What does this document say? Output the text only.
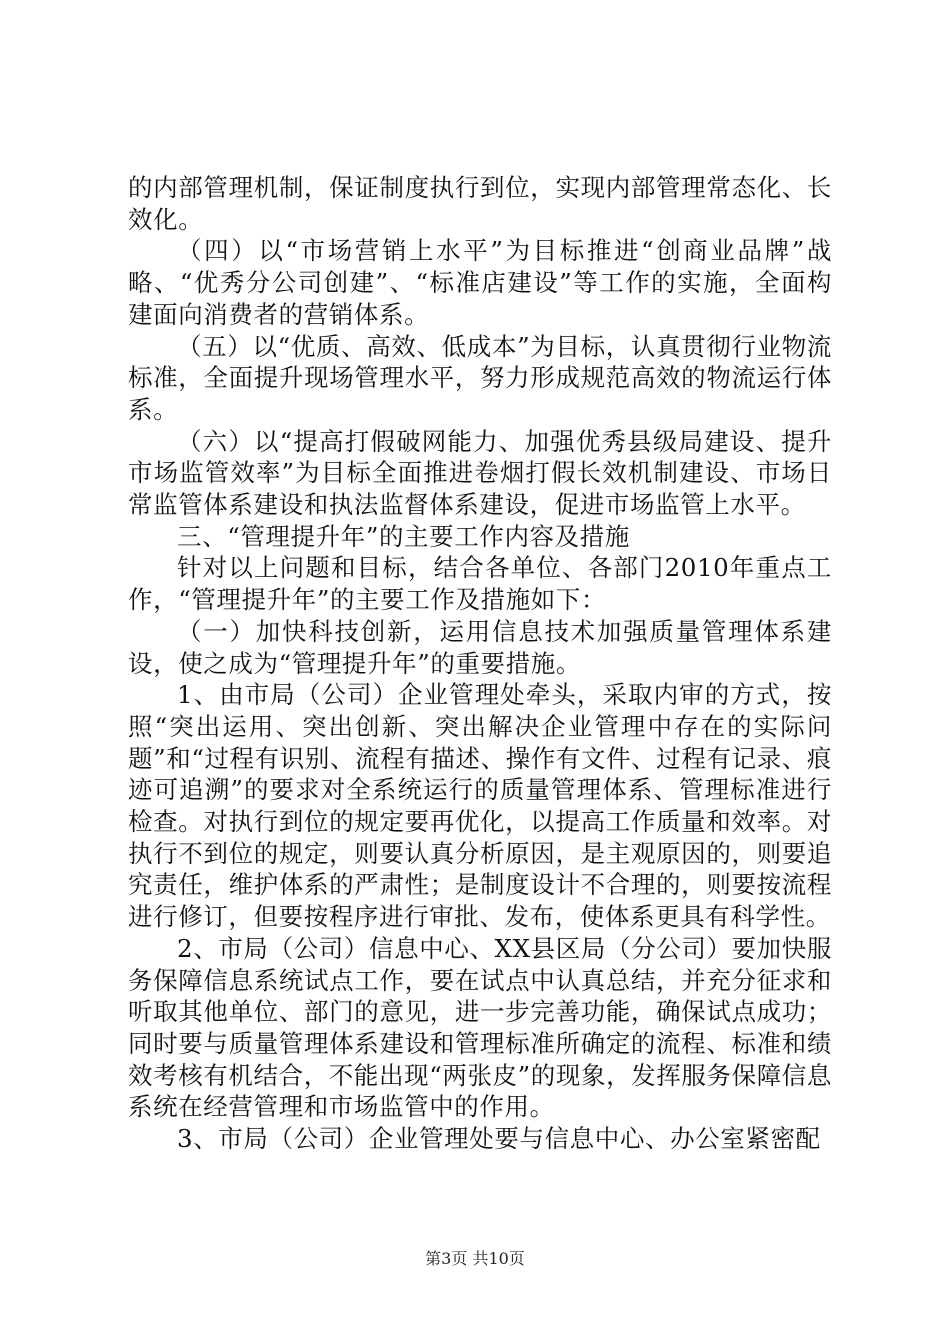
的内部管理机制，保证制度执行到位，实现内部管理常态化、长效化。

（四）以“市场营销上水平”为目标推进“创商业品牌”战略、“优秀分公司创建”、“标准店建设”等工作的实施，全面构建面向消费者的营销体系。

（五）以“优质、高效、低成本”为目标，认真贯彻行业物流标准，全面提升现场管理水平，努力形成规范高效的物流运行体系。

（六）以“提高打假破网能力、加强优秀县级局建设、提升市场监管效率”为目标全面推进卷烟打假长效机制建设、市场日常监管体系建设和执法监督体系建设，促进市场监管上水平。

三、“管理提升年”的主要工作内容及措施

针对以上问题和目标，结合各单位、各部门2010年重点工作，“管理提升年”的主要工作及措施如下：

（一）加快科技创新，运用信息技术加强质量管理体系建设，使之成为“管理提升年”的重要措施。

1、由市局（公司）企业管理处牵头，采取内审的方式，按照“突出运用、突出创新、突出解决企业管理中存在的实际问题”和“过程有识别、流程有描述、操作有文件、过程有记录、痕迹可追溯”的要求对全系统运行的质量管理体系、管理标准进行检查。对执行到位的规定要再优化，以提高工作质量和效率。对执行不到位的规定，则要认真分析原因，是主观原因的，则要追究责任，维护体系的严肃性；是制度设计不合理的，则要按流程进行修订，但要按程序进行审批、发布，使体系更具有科学性。

2、市局（公司）信息中心、XX县区局（分公司）要加快服务保障信息系统试点工作，要在试点中认真总结，并充分征求和听取其他单位、部门的意见，进一步完善功能，确保试点成功；同时要与质量管理体系建设和管理标准所确定的流程、标准和绩效考核有机结合，不能出现“两张皮”的现象，发挥服务保障信息系统在经营管理和市场监管中的作用。

3、市局（公司）企业管理处要与信息中心、办公室紧密配

第3页 共10页
